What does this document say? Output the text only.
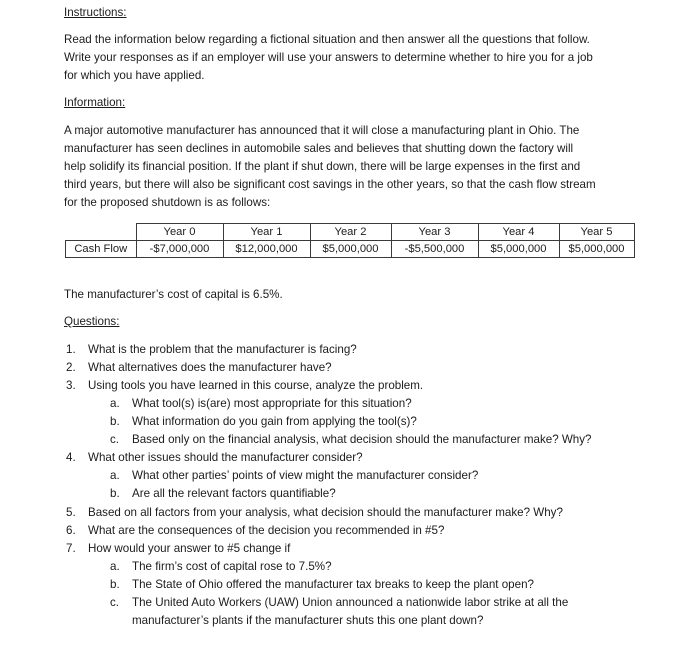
Instructions:
Read the information below regarding a fictional situation and then answer all the questions that follow.
Write your responses as if an employer will use your answers to determine whether to hire you for a job
for which you have applied.
Information:
A major automotive manufacturer has announced that it will close a manufacturing plant in Ohio. The
manufacturer has seen declines in automobile sales and believes that shutting down the factory will
help solidify its financial position. If the plant if shut down, there will be large expenses in the first and
third years, but there will also be significant cost savings in the other years, so that the cash flow stream
for the proposed shutdown is as follows:
	Year 0	Year 1	Year 2	Year 3	Year 4	Year 5
Cash Flow	-$7,000,000	$12,000,000	$5,000,000	-$5,500,000	$5,000,000	$5,000,000
The manufacturer’s cost of capital is 6.5%.
Questions:
1. What is the problem that the manufacturer is facing?
2. What alternatives does the manufacturer have?
3. Using tools you have learned in this course, analyze the problem.
a. What tool(s) is(are) most appropriate for this situation?
b. What information do you gain from applying the tool(s)?
c. Based only on the financial analysis, what decision should the manufacturer make? Why?
4. What other issues should the manufacturer consider?
a. What other parties’ points of view might the manufacturer consider?
b. Are all the relevant factors quantifiable?
5. Based on all factors from your analysis, what decision should the manufacturer make? Why?
6. What are the consequences of the decision you recommended in #5?
7. How would your answer to #5 change if
a. The firm’s cost of capital rose to 7.5%?
b. The State of Ohio offered the manufacturer tax breaks to keep the plant open?
c. The United Auto Workers (UAW) Union announced a nationwide labor strike at all the
manufacturer’s plants if the manufacturer shuts this one plant down?
